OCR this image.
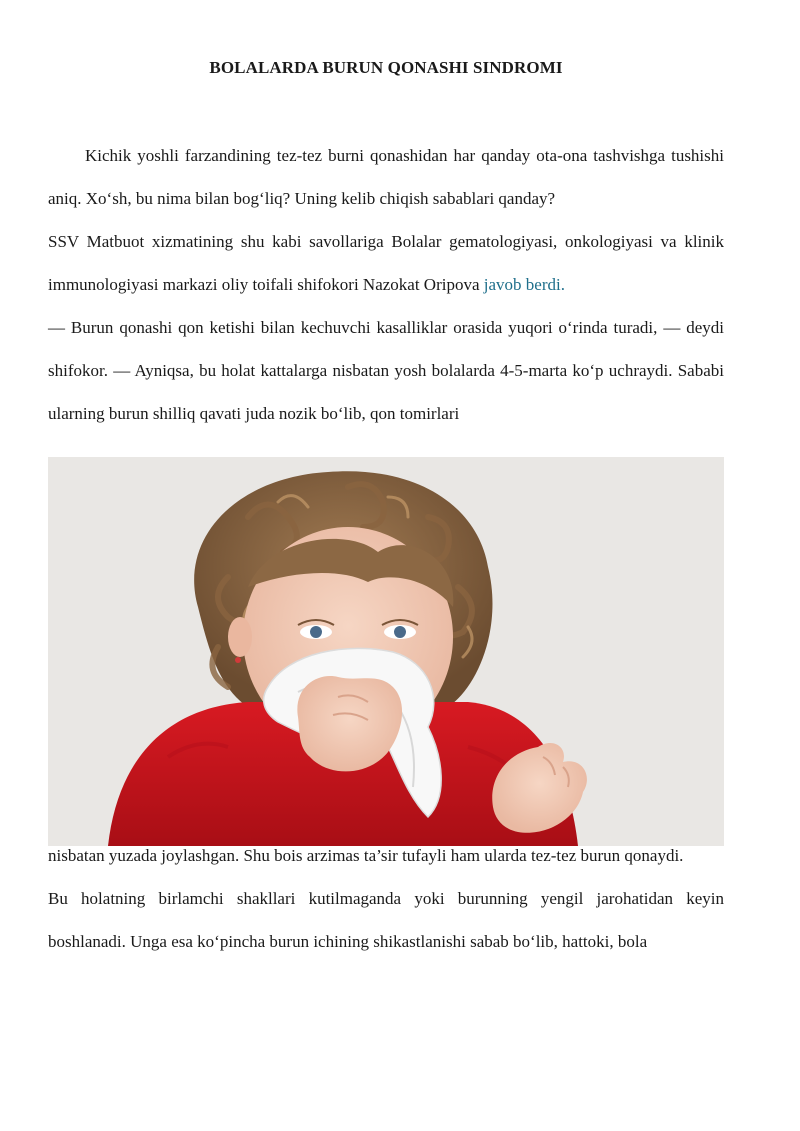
BOLALARDA BURUN QONASHI SINDROMI

Kichik yoshli farzandining tez-tez burni qonashidan har qanday ota-ona tashvishga tushishi aniq. Xo‘sh, bu nima bilan bog‘liq? Uning kelib chiqish sabablari qanday?

SSV Matbuot xizmatining shu kabi savollariga Bolalar gematologiyasi, onkologiyasi va klinik immunologiyasi markazi oliy toifali shifokori Nazokat Oripova javob berdi.

— Burun qonashi qon ketishi bilan kechuvchi kasalliklar orasida yuqori o‘rinda turadi, — deydi shifokor. — Ayniqsa, bu holat kattalarga nisbatan yosh bolalarda 4-5-marta ko‘p uchraydi. Sababi ularning burun shilliq qavati juda nozik bo‘lib, qon tomirlari

nisbatan yuzada joylashgan. Shu bois arzimas ta’sir tufayli ham ularda tez-tez burun qonaydi.

Bu holatning birlamchi shakllari kutilmaganda yoki burunning yengil jarohatidan keyin boshlanadi. Unga esa ko‘pincha burun ichining shikastlanishi sabab bo‘lib, hattoki, bola
